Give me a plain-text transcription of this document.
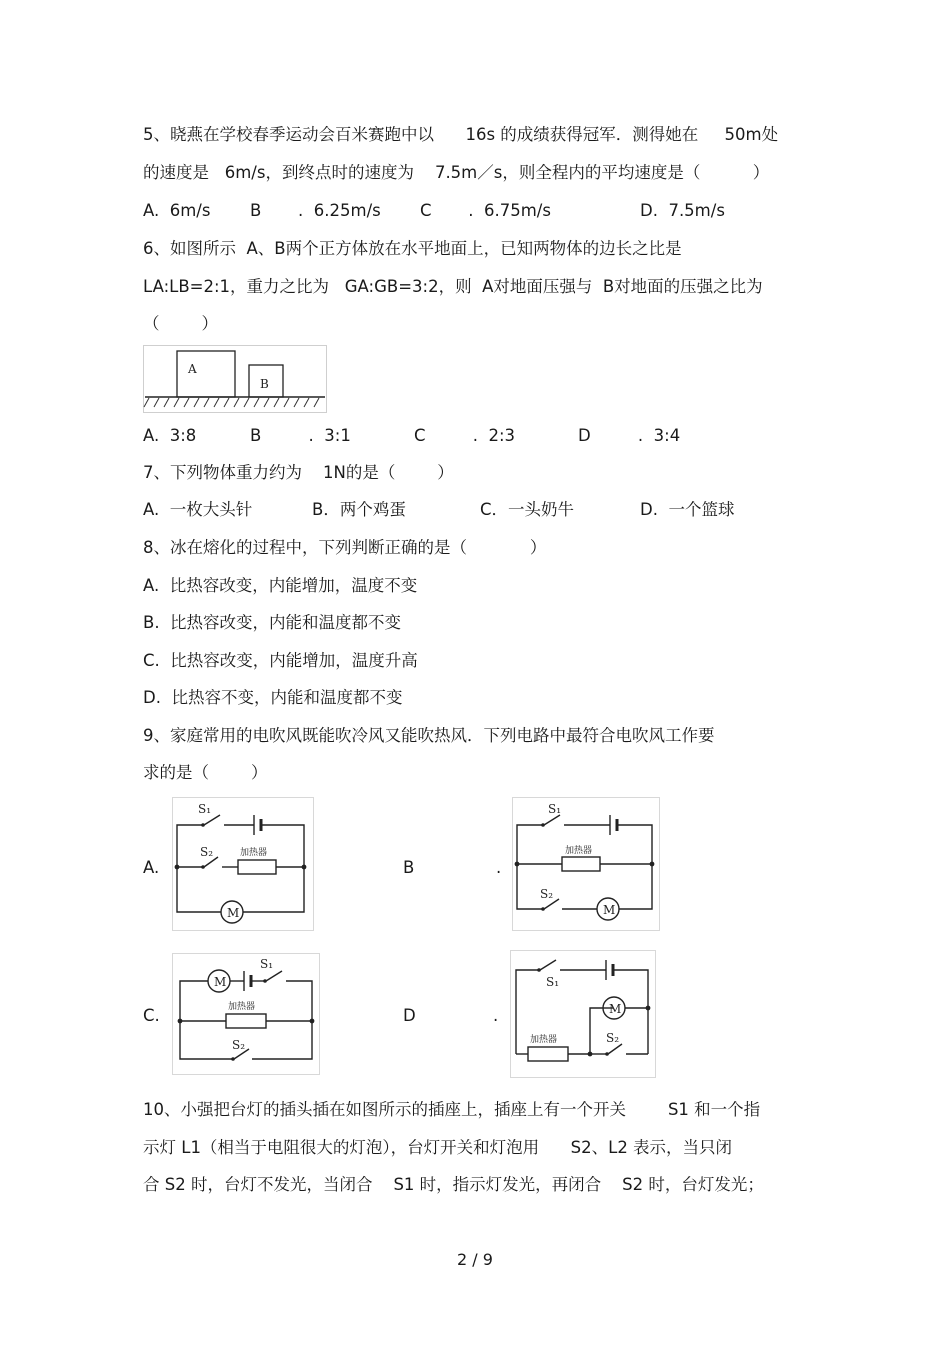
5、晓燕在学校春季运动会百米赛跑中以      16s 的成绩获得冠军．测得她在     50m处
的速度是   6m/s，到终点时的速度为    7.5m／s，则全程内的平均速度是（          ）
A.  6m/s B       .  6.25m/s C       .  6.75m/s	D.  7.5m/s
6、如图所示  A、B两个正方体放在水平地面上，已知两物体的边长之比是
LA:LB=2:1，重力之比为   GA:GB=3:2，则  A对地面压强与  B对地面的压强之比为
（        ）
A
B
A.  3:8	B         .  3:1	C         .  2:3	D         .  3:4
7、下列物体重力约为    1N的是（        ）
A.  一枚大头针	B．两个鸡蛋	C．一头奶牛	D.  一个篮球
8、冰在熔化的过程中，下列判断正确的是（            ）
A.  比热容改变，内能增加，温度不变
B.  比热容改变，内能和温度都不变
C.  比热容改变，内能增加，温度升高
D.  比热容不变，内能和温度都不变
9、家庭常用的电吹风既能吹冷风又能吹热风．下列电路中最符合电吹风工作要
求的是（        ）
A.	B	.
C.	D	.
S₁
S₂	加热器
M
S₁
加热器
S₂
M
M
S₁
加热器
S₂
S₁
M
加热器	S₂
10、小强把台灯的插头插在如图所示的插座上，插座上有一个开关        S1 和一个指
示灯 L1（相当于电阻很大的灯泡），台灯开关和灯泡用      S2、L2 表示，当只闭
合 S2 时，台灯不发光，当闭合    S1 时，指示灯发光，再闭合    S2 时，台灯发光；
2 / 9
